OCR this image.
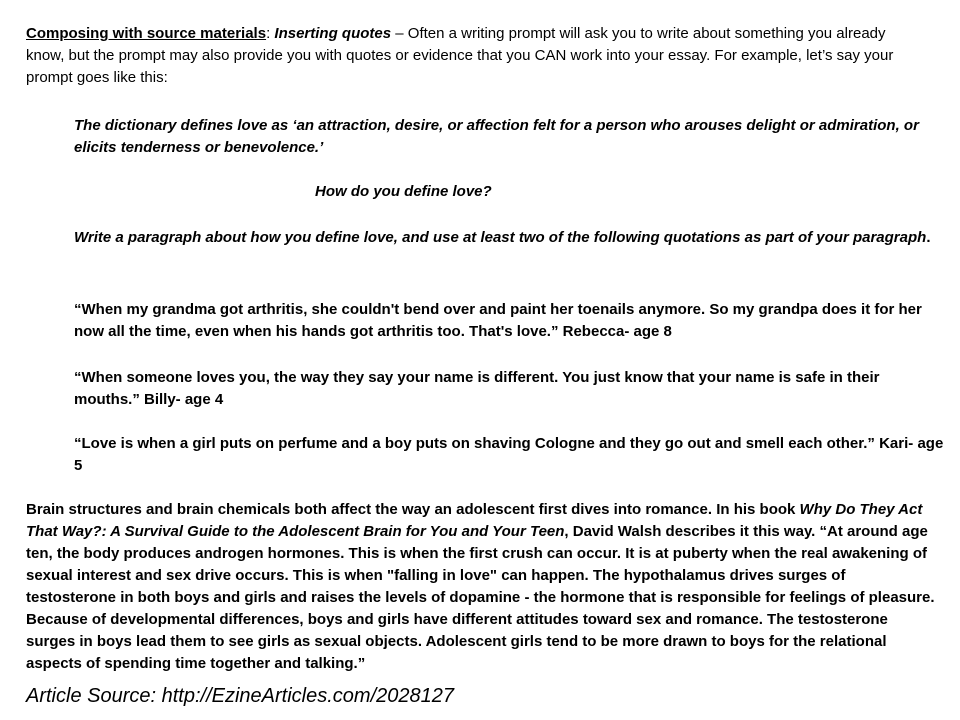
Composing with source materials: Inserting quotes – Often a writing prompt will ask you to write about something you already know, but the prompt may also provide you with quotes or evidence that you CAN work into your essay. For example, let’s say your prompt goes like this:
The dictionary defines love as ‘an attraction, desire, or affection felt for a person who arouses delight or admiration, or elicits tenderness or benevolence.’
How do you define love?
Write a paragraph about how you define love, and use at least two of the following quotations as part of your paragraph.
“When my grandma got arthritis, she couldn't bend over and paint her toenails anymore. So my grandpa does it for her now all the time, even when his hands got arthritis too. That's love.” Rebecca- age 8
“When someone loves you, the way they say your name is different. You just know that your name is safe in their mouths.” Billy- age 4
“Love is when a girl puts on perfume and a boy puts on shaving Cologne and they go out and smell each other.” Kari- age 5
Brain structures and brain chemicals both affect the way an adolescent first dives into romance. In his book Why Do They Act That Way?: A Survival Guide to the Adolescent Brain for You and Your Teen, David Walsh describes it this way. “At around age ten, the body produces androgen hormones. This is when the first crush can occur. It is at puberty when the real awakening of sexual interest and sex drive occurs. This is when "falling in love" can happen. The hypothalamus drives surges of testosterone in both boys and girls and raises the levels of dopamine - the hormone that is responsible for feelings of pleasure. Because of developmental differences, boys and girls have different attitudes toward sex and romance. The testosterone surges in boys lead them to see girls as sexual objects. Adolescent girls tend to be more drawn to boys for the relational aspects of spending time together and talking.”
Article Source: http://EzineArticles.com/2028127
